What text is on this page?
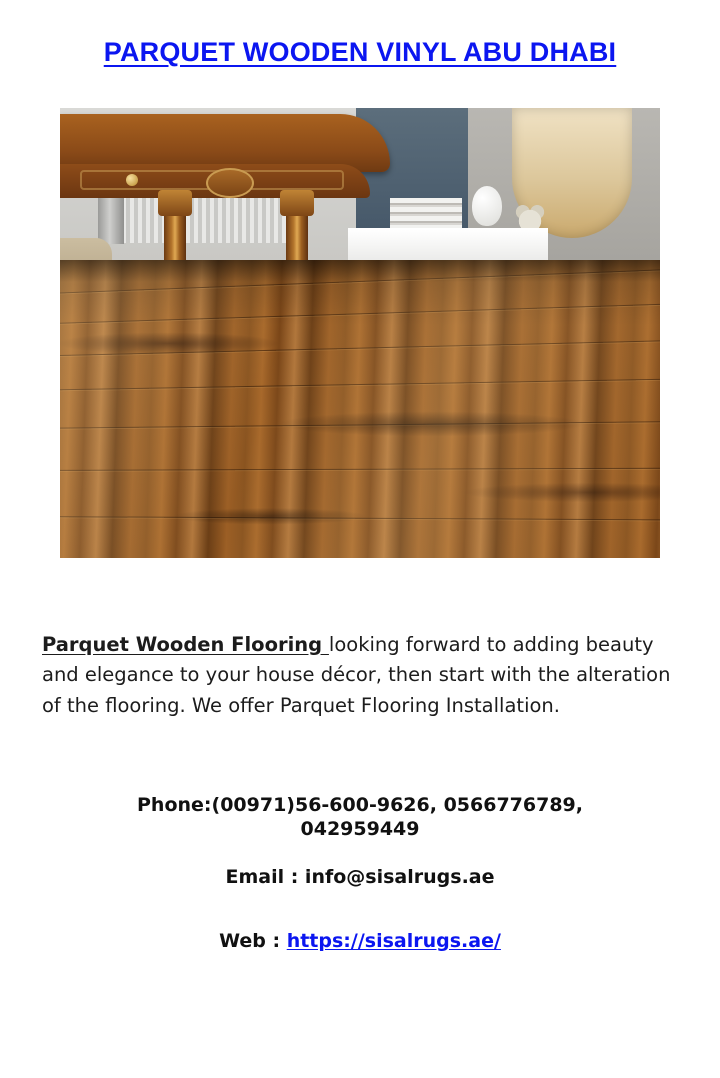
PARQUET WOODEN VINYL ABU DHABI

Parquet Wooden Flooring looking forward to adding beauty and elegance to your house décor, then start with the alteration of the flooring. We offer Parquet Flooring Installation.

Phone:(00971)56-600-9626, 0566776789,
042959449
Email : info@sisalrugs.ae
Web : https://sisalrugs.ae/
